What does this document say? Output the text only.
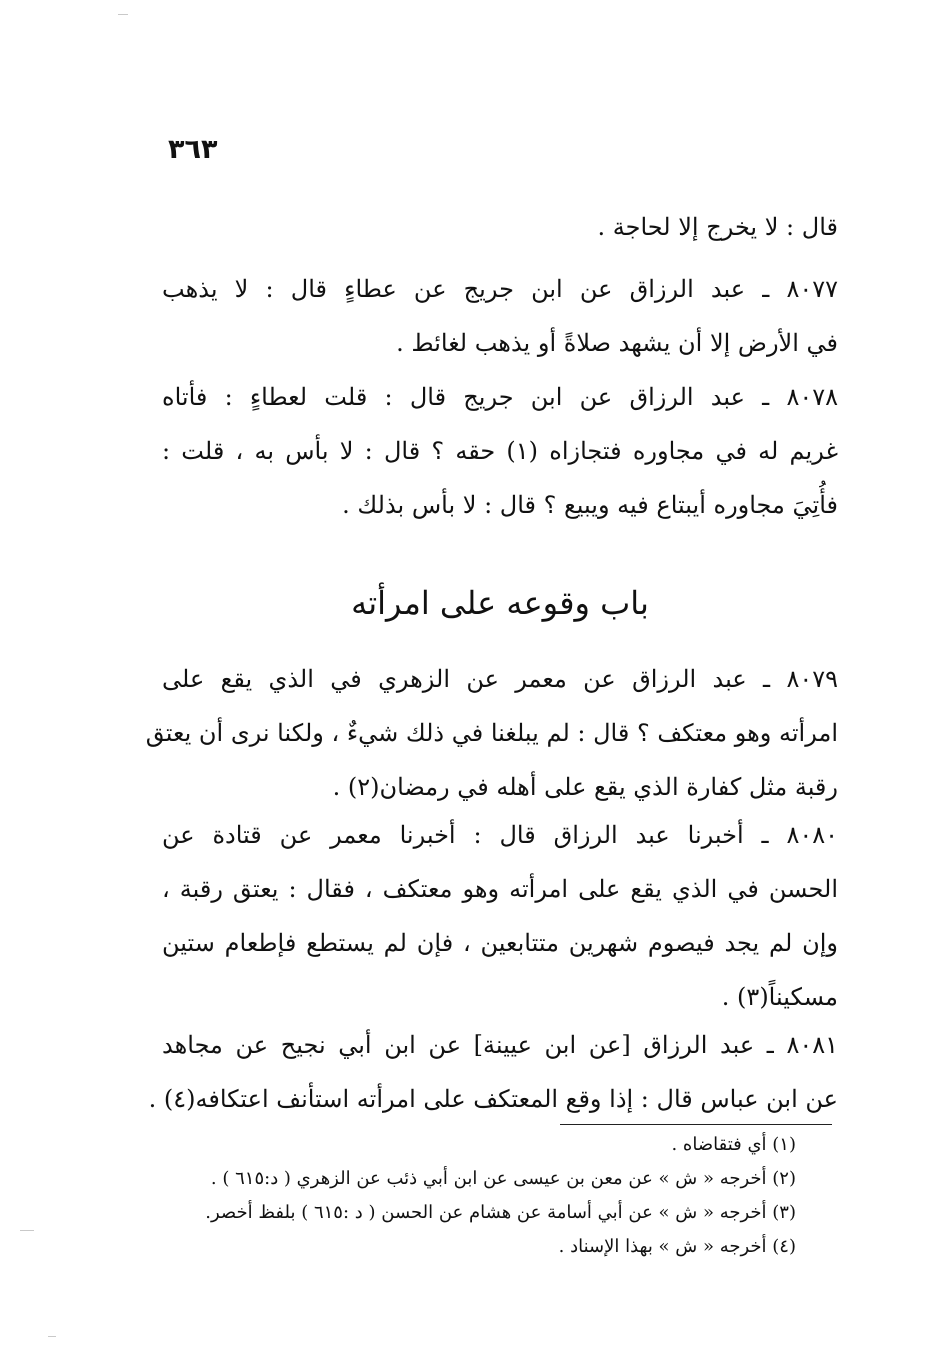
٣٦٣
قال : لا يخرج إلا لحاجة .
٨٠٧٧ ـ عبد الرزاق عن ابن جريج عن عطاءٍ قال : لا يذهب
في الأرض إلا أن يشهد صلاةً أو يذهب لغائط .
٨٠٧٨ ـ عبد الرزاق عن ابن جريج قال : قلت لعطاءٍ : فأتاه
غريم له في مجاوره فتجازاه (١) حقه ؟ قال : لا بأس به ، قلت :
فأُتِيَ مجاوره أيبتاع فيه ويبيع ؟ قال : لا بأس بذلك .
باب وقوعه على امرأته
٨٠٧٩ ـ عبد الرزاق عن معمر عن الزهري في الذي يقع على
امرأته وهو معتكف ؟ قال : لم يبلغنا في ذلك شيءٌ ، ولكنا نرى أن يعتق
رقبة مثل كفارة الذي يقع على أهله في رمضان(٢) .
٨٠٨٠ ـ أخبرنا عبد الرزاق قال : أخبرنا معمر عن قتادة عن
الحسن في الذي يقع على امرأته وهو معتكف ، فقال : يعتق رقبة ،
وإن لم يجد فيصوم شهرين متتابعين ، فإن لم يستطع فإطعام ستين
مسكيناً(٣) .
٨٠٨١ ـ عبد الرزاق [عن ابن عيينة] عن ابن أبي نجيح عن مجاهد
عن ابن عباس قال : إذا وقع المعتكف على امرأته استأنف اعتكافه(٤) .
(١) أي فتقاضاه .
(٢) أخرجه « ش » عن معن بن عيسى عن ابن أبي ذئب عن الزهري ( د:٦١٥ ) .
(٣) أخرجه « ش » عن أبي أسامة عن هشام عن الحسن ( د :٦١٥ ) بلفظ أخصر.
(٤) أخرجه « ش » بهذا الإسناد .
